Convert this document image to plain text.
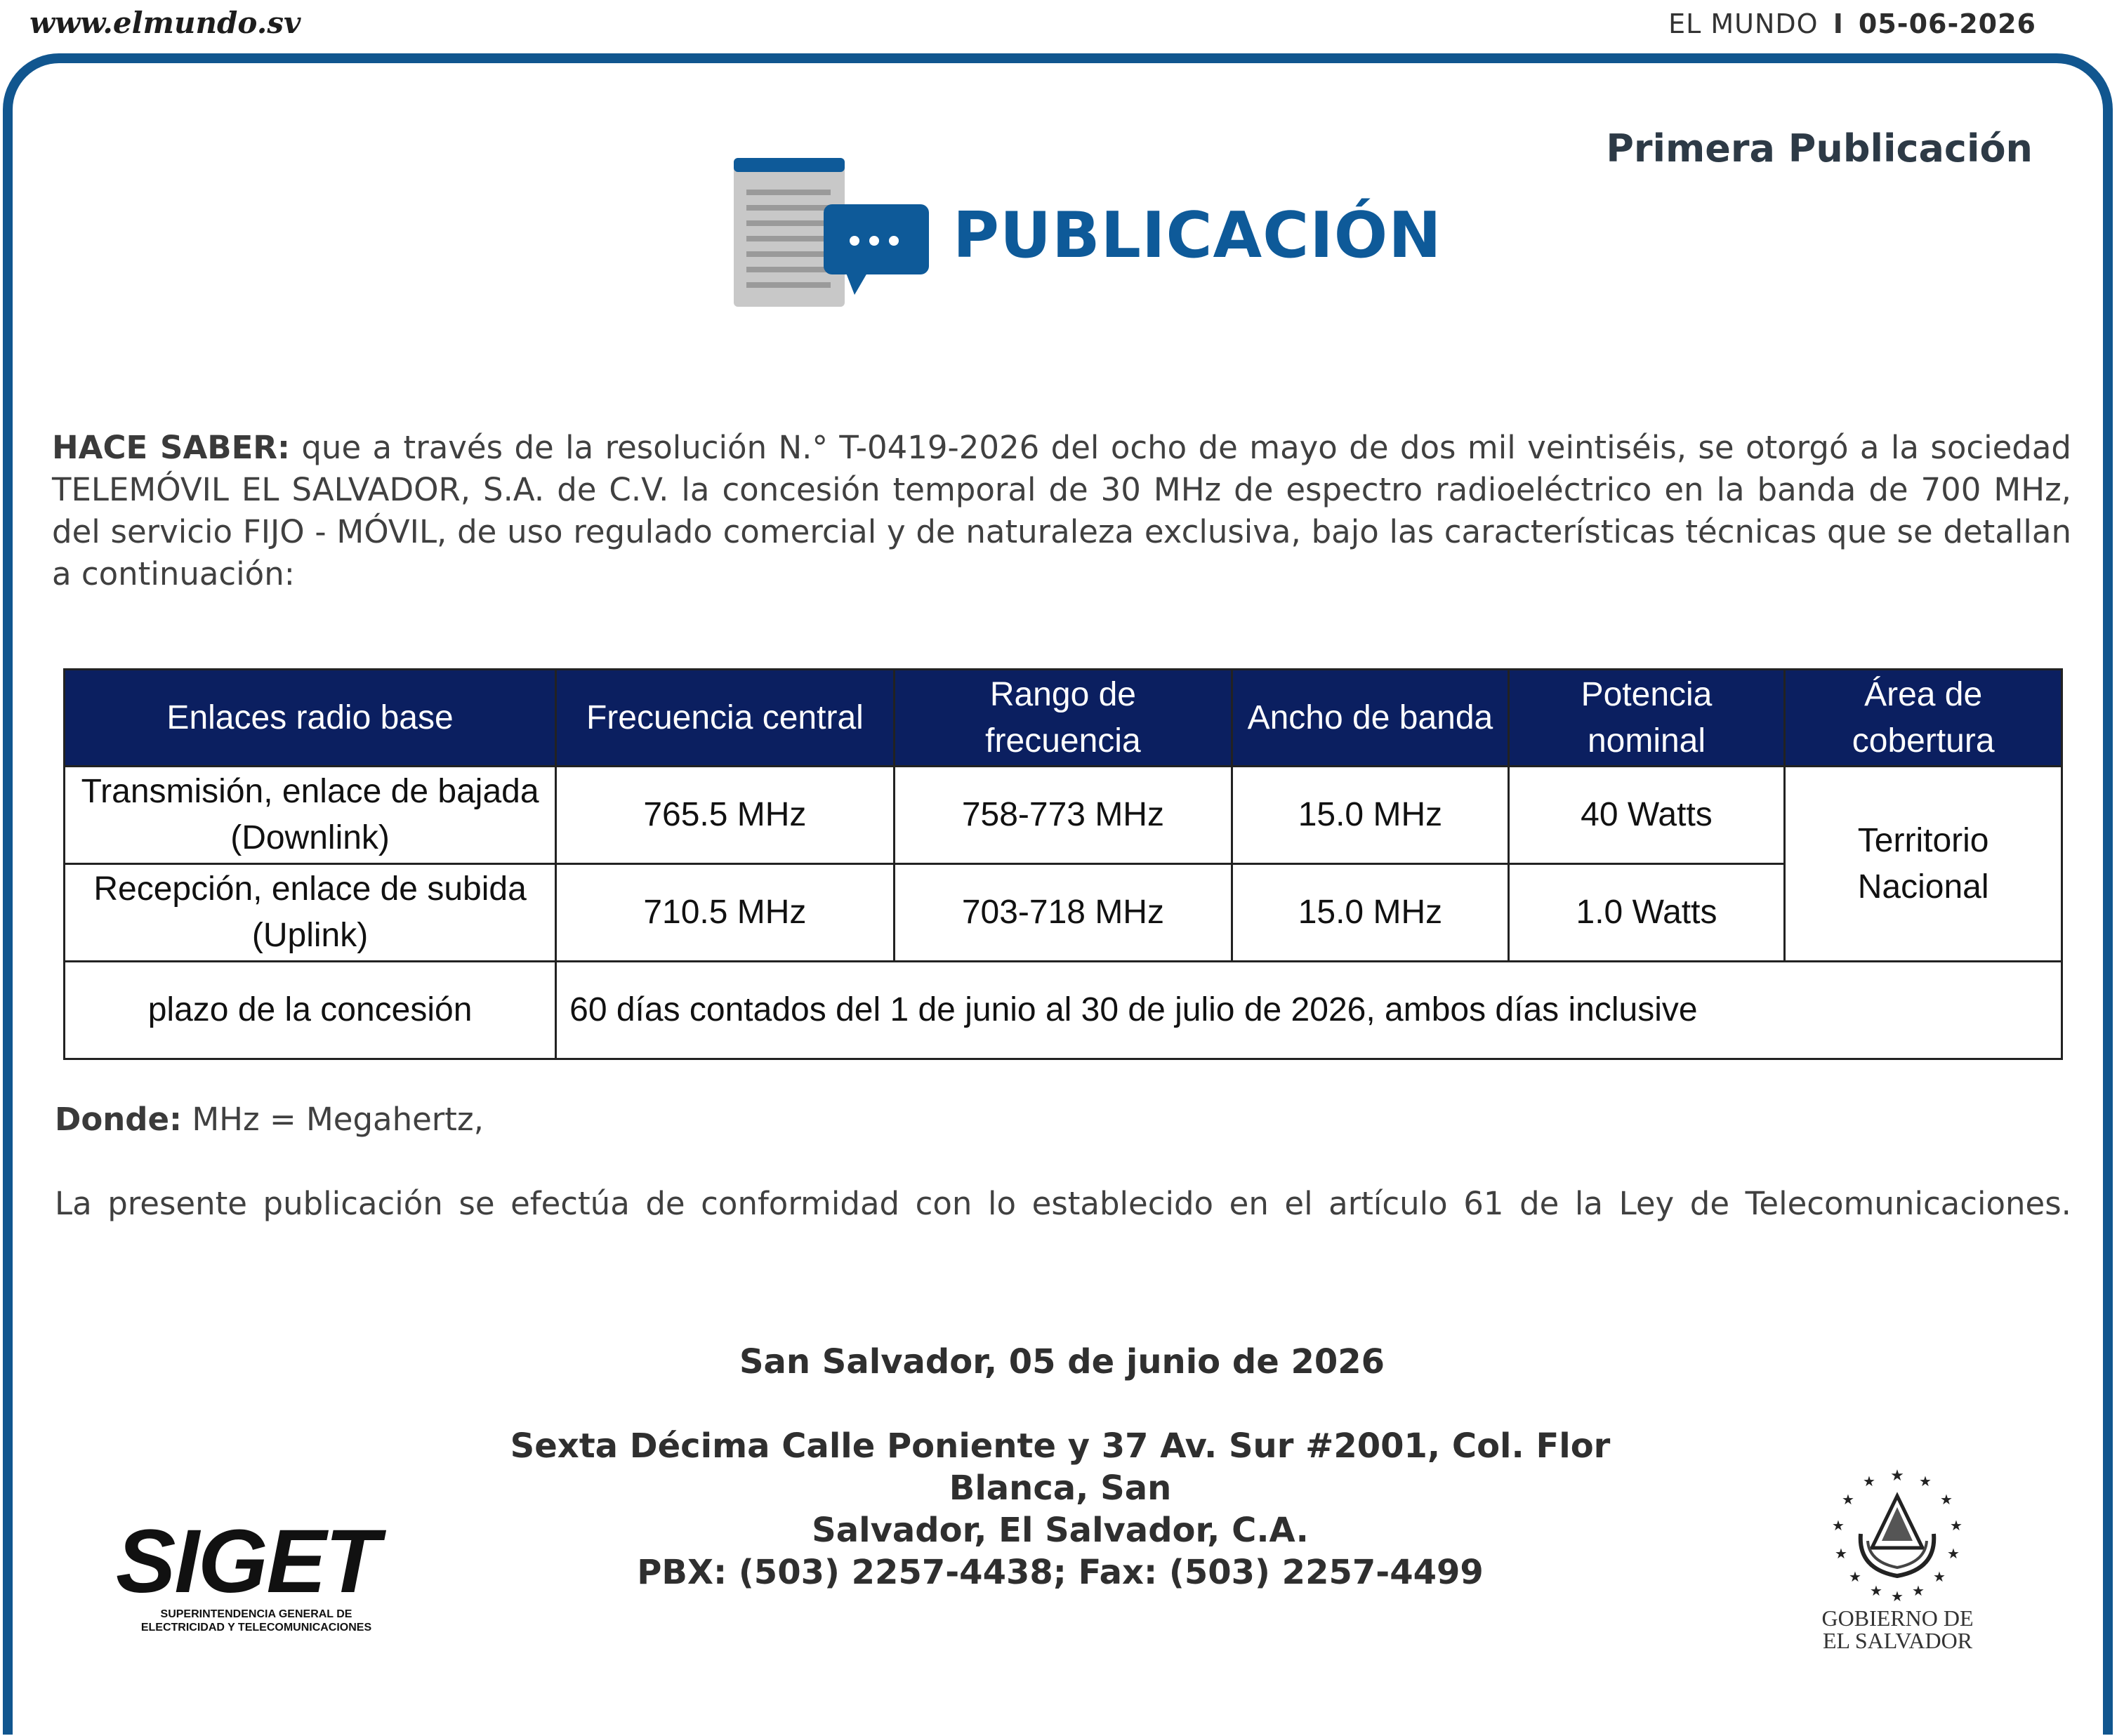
www.elmundo.sv	EL MUNDO I 05-06-2026
Primera Publicación
PUBLICACIÓN
HACE SABER: que a través de la resolución N.° T-0419-2026 del ocho de mayo de dos mil veintiséis, se otorgó a la sociedad TELEMÓVIL EL SALVADOR, S.A. de C.V. la concesión temporal de 30 MHz de espectro radioeléctrico en la banda de 700 MHz, del servicio FIJO - MÓVIL, de uso regulado comercial y de naturaleza exclusiva, bajo las características técnicas que se detallan a continuación:
Enlaces radio base	Frecuencia central	Rango de frecuencia	Ancho de banda	Potencia nominal	Área de cobertura
Transmisión, enlace de bajada (Downlink)	765.5 MHz	758-773 MHz	15.0 MHz	40 Watts	Territorio Nacional
Recepción, enlace de subida (Uplink)	710.5 MHz	703-718 MHz	15.0 MHz	1.0 Watts	
plazo de la concesión	60 días contados del 1 de junio al 30 de julio de 2026, ambos días inclusive				
Donde: MHz = Megahertz,
La presente publicación se efectúa de conformidad con lo establecido en el artículo 61 de la Ley de Telecomunicaciones.
San Salvador, 05 de junio de 2026
Sexta Décima Calle Poniente y 37 Av. Sur #2001, Col. Flor Blanca, San
Salvador, El Salvador, C.A.
PBX: (503) 2257-4438; Fax: (503) 2257-4499
SIGET
SUPERINTENDENCIA GENERAL DE
ELECTRICIDAD Y TELECOMUNICACIONES
★
★	★
★	★
★	★
★	★
★	★
★ ★
★
GOBIERNO DE
EL SALVADOR
